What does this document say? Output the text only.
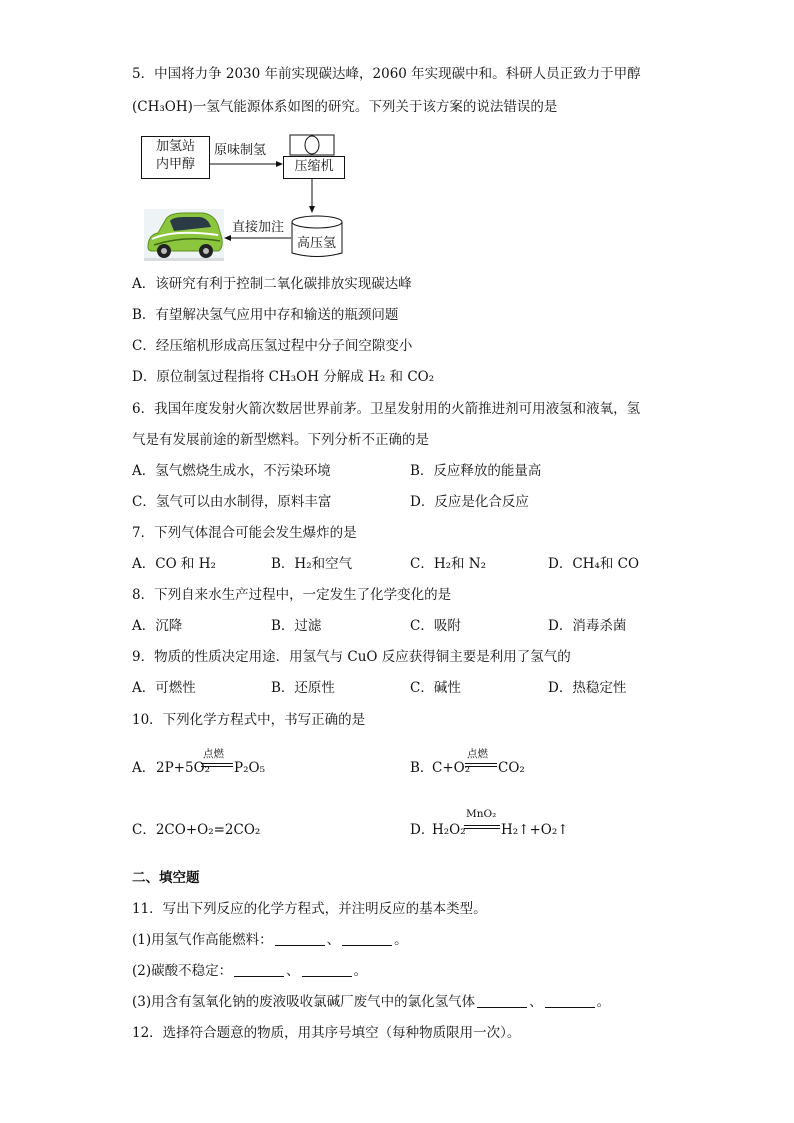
5．中国将力争 2030 年前实现碳达峰，2060 年实现碳中和。科研人员正致力于甲醇
(CH₃OH)一氢气能源体系如图的研究。下列关于该方案的说法错误的是
加氢站
内甲醇
原味制氢
压缩机
高压氢
直接加注
A．该研究有利于控制二氧化碳排放实现碳达峰
B．有望解决氢气应用中存和输送的瓶颈问题
C．经压缩机形成高压氢过程中分子间空隙变小
D．原位制氢过程指将 CH₃OH 分解成 H₂ 和 CO₂
6．我国年度发射火箭次数居世界前茅。卫星发射用的火箭推进剂可用液氢和液氧，氢
气是有发展前途的新型燃料。下列分析不正确的是
A．氢气燃烧生成水，不污染环境	B．反应释放的能量高
C．氢气可以由水制得，原料丰富	D．反应是化合反应
7．下列气体混合可能会发生爆炸的是
A．CO 和 H₂	B．H₂和空气	C．H₂和 N₂	D．CH₄和 CO
8．下列自来水生产过程中，一定发生了化学变化的是
A．沉降	B．过滤	C．吸附	D．消毒杀菌
9．物质的性质决定用途．用氢气与 CuO 反应获得铜主要是利用了氢气的
A．可燃性	B．还原性	C．碱性	D．热稳定性
10．下列化学方程式中，书写正确的是
A． 2P+5O₂
点燃
P₂O₅	B．
C+O₂
点燃
CO₂
C．2CO+O₂=2CO₂	D．
H₂O₂
MnO₂
H₂↑+O₂↑
二、填空题
11．写出下列反应的化学方程式，并注明反应的基本类型。
(1)用氢气作高能燃料：	、	。
(2)碳酸不稳定：	、	。
(3)用含有氢氧化钠的废液吸收氯碱厂废气中的氯化氢气体	、	。
12．选择符合题意的物质，用其序号填空（每种物质限用一次）。
